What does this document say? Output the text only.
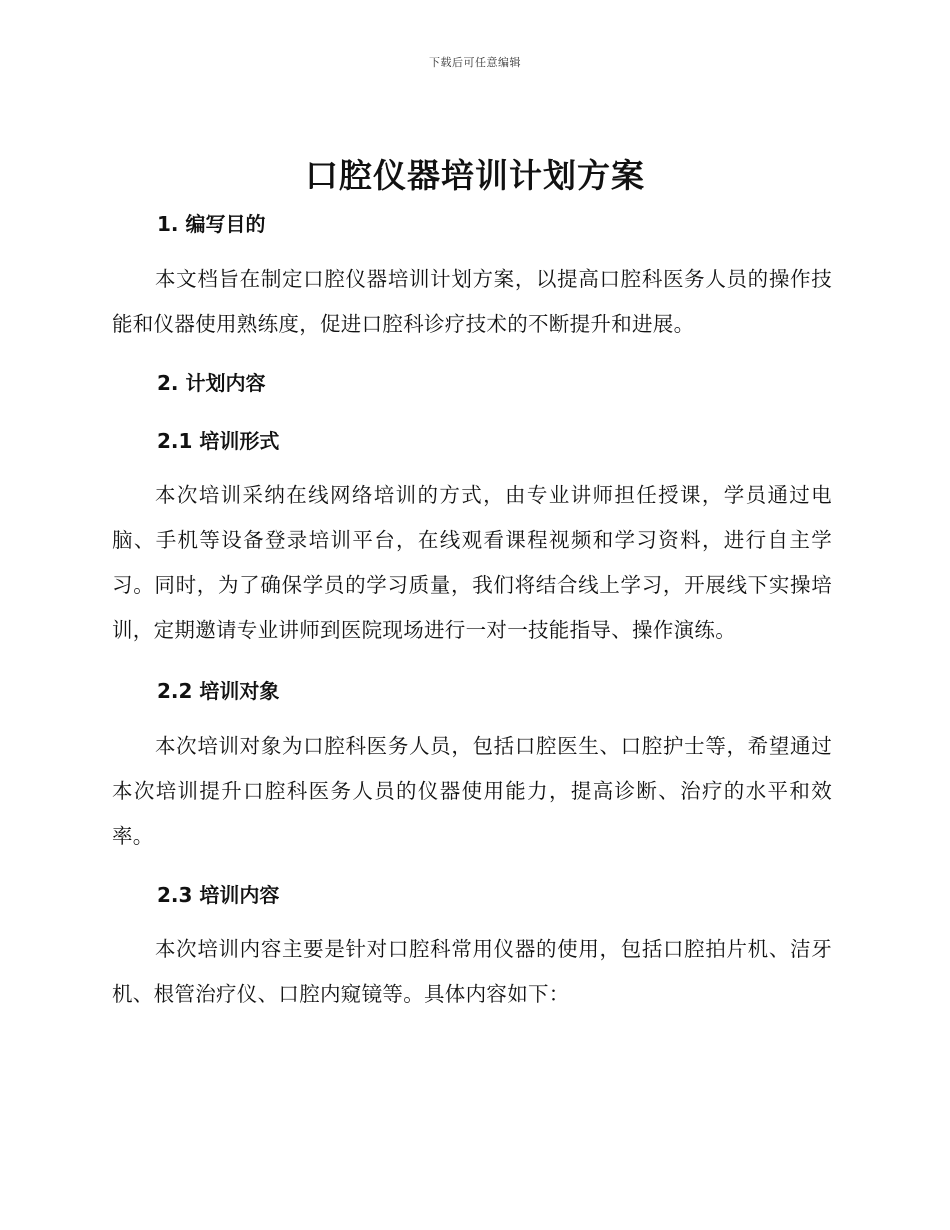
下载后可任意编辑
口腔仪器培训计划方案
1. 编写目的
本文档旨在制定口腔仪器培训计划方案，以提高口腔科医务人员的操作技能和仪器使用熟练度，促进口腔科诊疗技术的不断提升和进展。
2. 计划内容
2.1 培训形式
本次培训采纳在线网络培训的方式，由专业讲师担任授课，学员通过电脑、手机等设备登录培训平台，在线观看课程视频和学习资料，进行自主学习。同时，为了确保学员的学习质量，我们将结合线上学习，开展线下实操培训，定期邀请专业讲师到医院现场进行一对一技能指导、操作演练。
2.2 培训对象
本次培训对象为口腔科医务人员，包括口腔医生、口腔护士等，希望通过本次培训提升口腔科医务人员的仪器使用能力，提高诊断、治疗的水平和效率。
2.3 培训内容
本次培训内容主要是针对口腔科常用仪器的使用，包括口腔拍片机、洁牙机、根管治疗仪、口腔内窥镜等。具体内容如下：
